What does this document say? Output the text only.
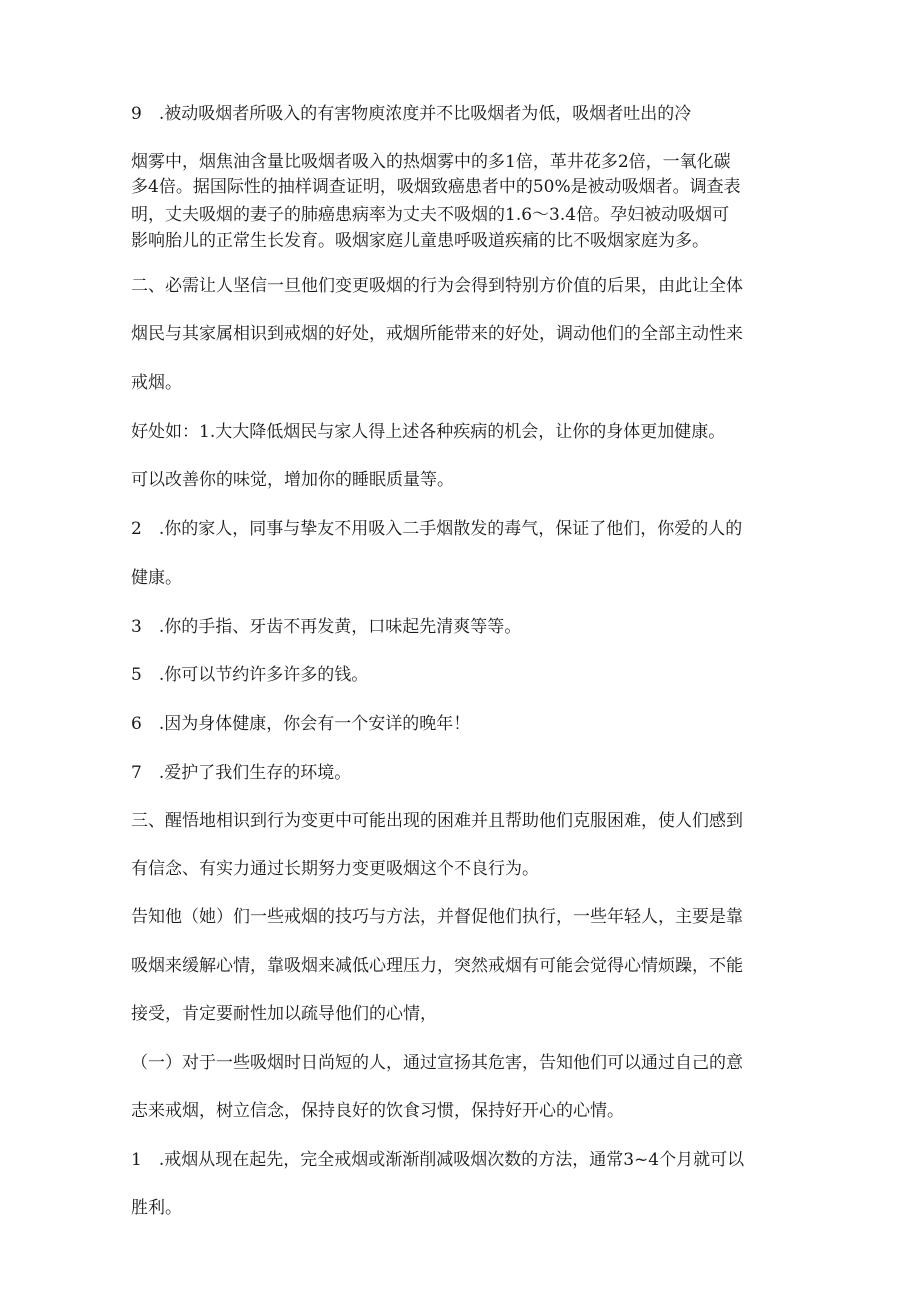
9 .被动吸烟者所吸入的有害物庾浓度并不比吸烟者为低，吸烟者吐出的冷
烟雾中，烟焦油含量比吸烟者吸入的热烟雾中的多1倍，革井花多2倍，一氧化碳
多4倍。据国际性的抽样调查证明，吸烟致癌患者中的50%是被动吸烟者。调查表
明，丈夫吸烟的妻子的肺癌患病率为丈夫不吸烟的1.6～3.4倍。孕妇被动吸烟可
影响胎儿的正常生长发育。吸烟家庭儿童患呼吸道疾痛的比不吸烟家庭为多。
二、必需让人坚信一旦他们变更吸烟的行为会得到特别方价值的后果，由此让全体
烟民与其家属相识到戒烟的好处，戒烟所能带来的好处，调动他们的全部主动性来
戒烟。
好处如：1.大大降低烟民与家人得上述各种疾病的机会，让你的身体更加健康。
可以改善你的味觉，增加你的睡眠质量等。
2 .你的家人，同事与挚友不用吸入二手烟散发的毒气，保证了他们，你爱的人的
健康。
3 .你的手指、牙齿不再发黄，口味起先清爽等等。
5 .你可以节约许多许多的钱。
6 .因为身体健康，你会有一个安详的晚年！
7 .爱护了我们生存的环境。
三、醒悟地相识到行为变更中可能出现的困难并且帮助他们克服困难，使人们感到
有信念、有实力通过长期努力变更吸烟这个不良行为。
告知他（她）们一些戒烟的技巧与方法，并督促他们执行，一些年轻人，主要是靠
吸烟来缓解心情，靠吸烟来减低心理压力，突然戒烟有可能会觉得心情烦躁，不能
接受，肯定要耐性加以疏导他们的心情，
（一）对于一些吸烟时日尚短的人，通过宣扬其危害，告知他们可以通过自己的意
志来戒烟，树立信念，保持良好的饮食习惯，保持好开心的心情。
1 .戒烟从现在起先，完全戒烟或渐渐削减吸烟次数的方法，通常3~4个月就可以
胜利。
